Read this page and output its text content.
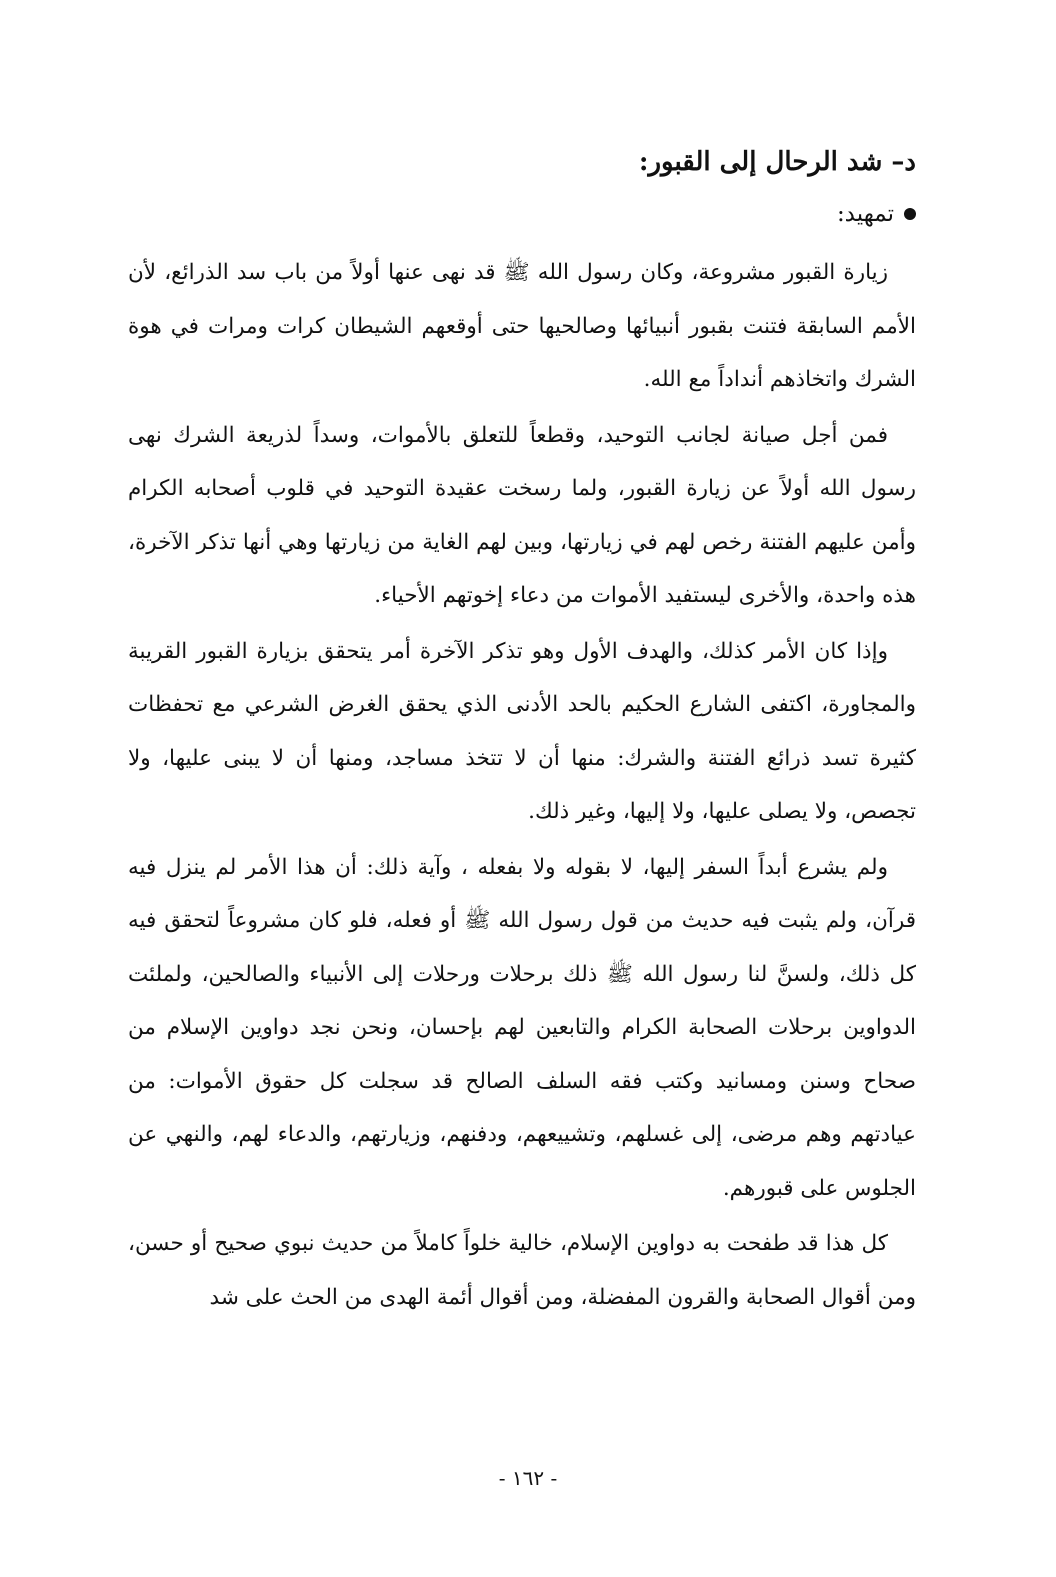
د– شد الرحال إلى القبور:
تمهيد:

زيارة القبور مشروعة، وكان رسول الله ﷺ قد نهى عنها أولاً من باب سد الذرائع، لأن الأمم السابقة فتنت بقبور أنبيائها وصالحيها حتى أوقعهم الشيطان كرات ومرات في هوة الشرك واتخاذهم أنداداً مع الله.

فمن أجل صيانة لجانب التوحيد، وقطعاً للتعلق بالأموات، وسداً لذريعة الشرك نهى رسول الله أولاً عن زيارة القبور، ولما رسخت عقيدة التوحيد في قلوب أصحابه الكرام وأمن عليهم الفتنة رخص لهم في زيارتها، وبين لهم الغاية من زيارتها وهي أنها تذكر الآخرة، هذه واحدة، والأخرى ليستفيد الأموات من دعاء إخوتهم الأحياء.

وإذا كان الأمر كذلك، والهدف الأول وهو تذكر الآخرة أمر يتحقق بزيارة القبور القريبة والمجاورة، اكتفى الشارع الحكيم بالحد الأدنى الذي يحقق الغرض الشرعي مع تحفظات كثيرة تسد ذرائع الفتنة والشرك: منها أن لا تتخذ مساجد، ومنها أن لا يبنى عليها، ولا تجصص، ولا يصلى عليها، ولا إليها، وغير ذلك.

ولم يشرع أبداً السفر إليها، لا بقوله ولا بفعله ، وآية ذلك: أن هذا الأمر لم ينزل فيه قرآن، ولم يثبت فيه حديث من قول رسول الله ﷺ أو فعله، فلو كان مشروعاً لتحقق فيه كل ذلك، ولسنَّ لنا رسول الله ﷺ ذلك برحلات ورحلات إلى الأنبياء والصالحين، ولملئت الدواوين برحلات الصحابة الكرام والتابعين لهم بإحسان، ونحن نجد دواوين الإسلام من صحاح وسنن ومسانيد وكتب فقه السلف الصالح قد سجلت كل حقوق الأموات: من عيادتهم وهم مرضى، إلى غسلهم، وتشييعهم، ودفنهم، وزيارتهم، والدعاء لهم، والنهي عن الجلوس على قبورهم.

كل هذا قد طفحت به دواوين الإسلام، خالية خلواً كاملاً من حديث نبوي صحيح أو حسن، ومن أقوال الصحابة والقرون المفضلة، ومن أقوال أئمة الهدى من الحث على شد

- ١٦٢ -
